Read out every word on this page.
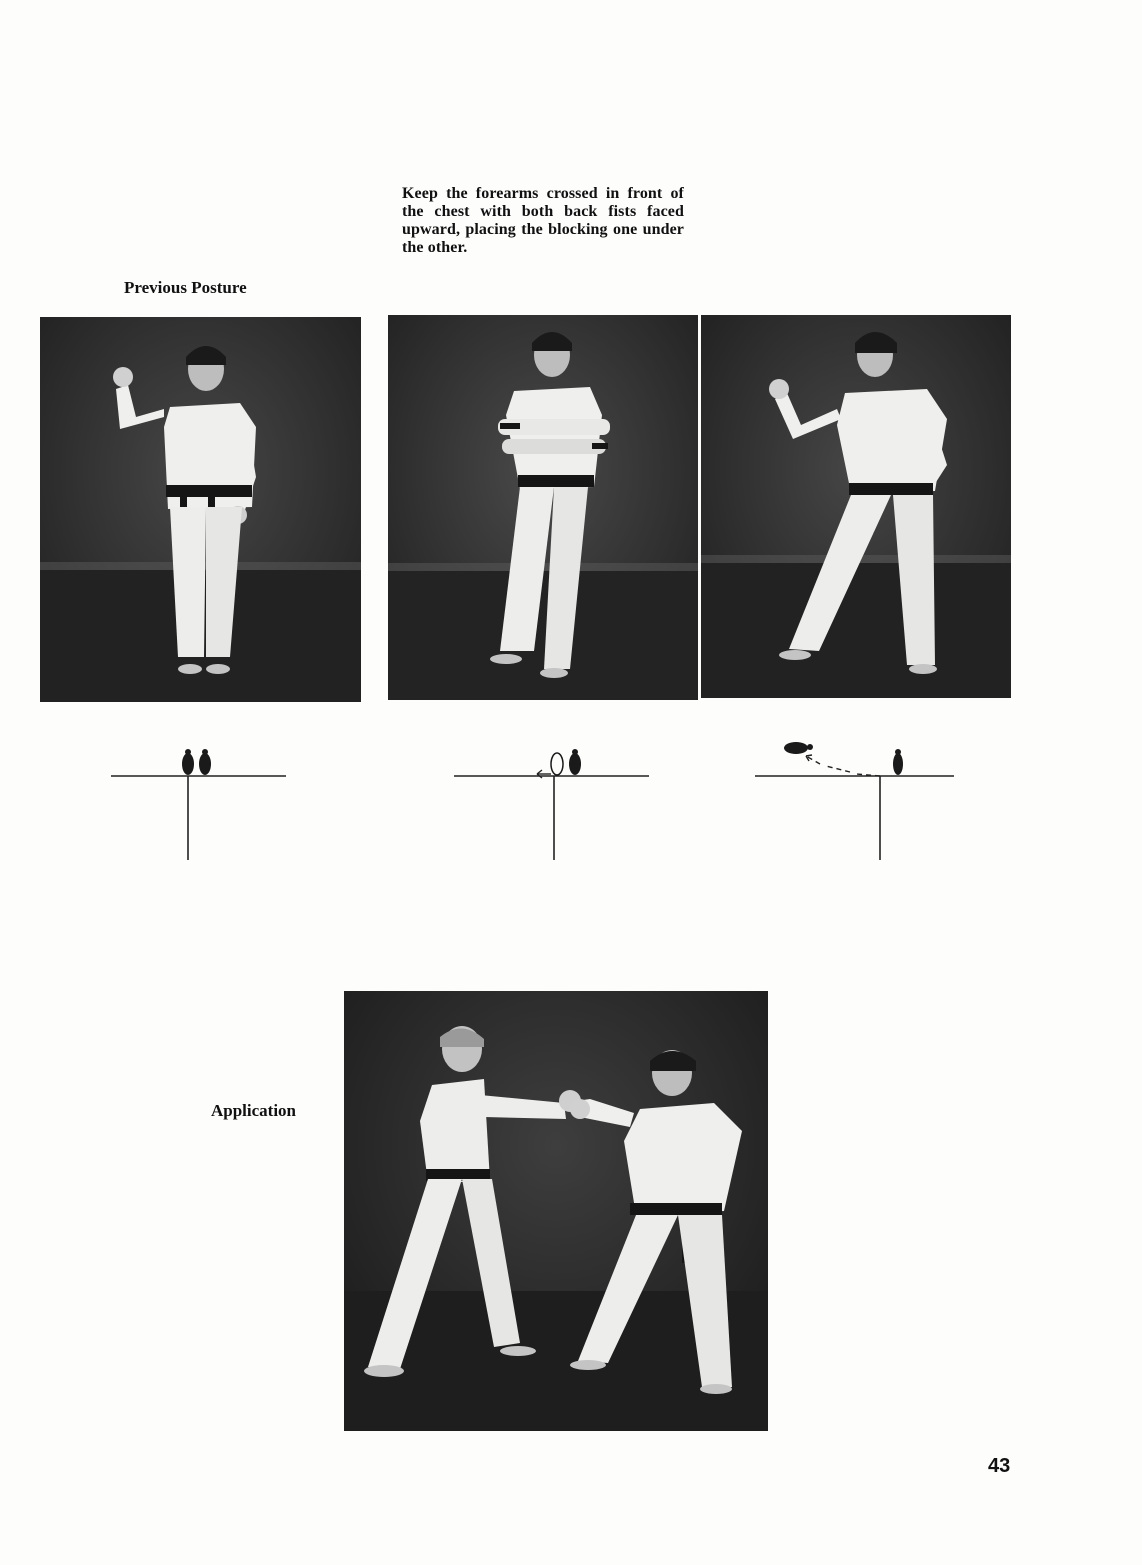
Keep the forearms crossed in front of the chest with both back fists faced upward, placing the blocking one under the other.
Previous Posture
Application
43
